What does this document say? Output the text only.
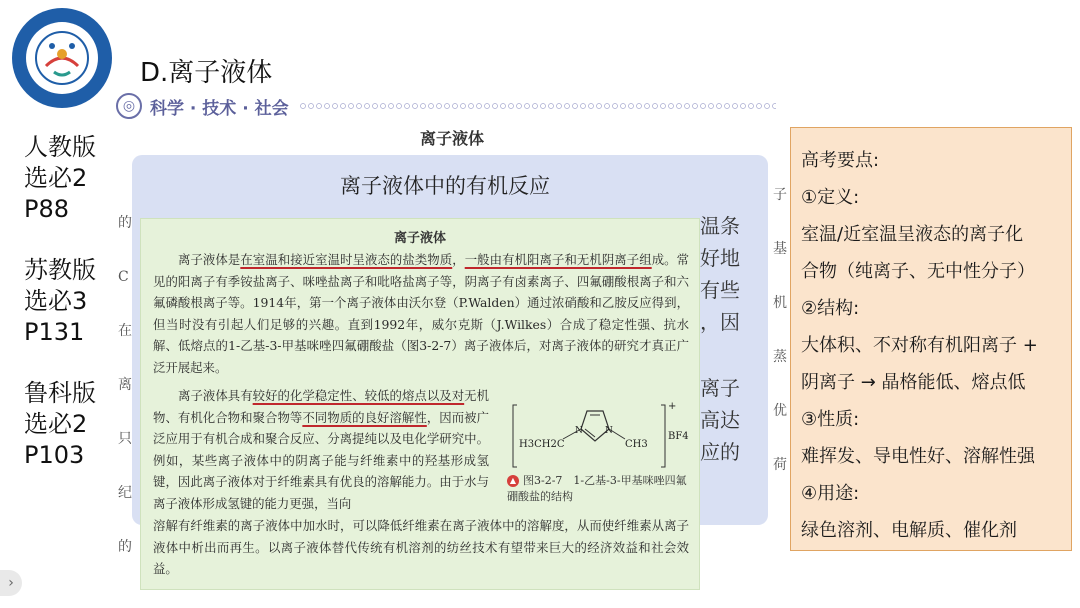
D.离子液体
◎ 科学 · 技术 · 社会
人教版
选必2
P88
苏教版
选必3
P131
鲁科版
选必2
P103
离子液体
的
C
在
离
只
纪
的
离子液体中的有机反应
温条
好地
有些
，因
离子
高达
应的
子
基
机
蒸
优
荷
离子液体
离子液体是在室温和接近室温时呈液态的盐类物质，一般由有机阳离子和无机阴离子组成。常见的阳离子有季铵盐离子、咪唑盐离子和吡咯盐离子等，阴离子有卤素离子、四氟硼酸根离子和六氟磷酸根离子等。1914年，第一个离子液体由沃尔登（P.Walden）通过浓硝酸和乙胺反应得到，但当时没有引起人们足够的兴趣。直到1992年，威尔克斯（J.Wilkes）合成了稳定性强、抗水解、低熔点的1-乙基-3-甲基咪唑四氟硼酸盐（图3-2-7）离子液体后，对离子液体的研究才真正广泛开展起来。
离子液体具有较好的化学稳定性、较低的熔点以及对无机物、有机化合物和聚合物等不同物质的良好溶解性，因而被广泛应用于有机合成和聚合反应、分离提纯以及电化学研究中。例如，某些离子液体中的阴离子能与纤维素中的羟基形成氢键，因此离子液体对于纤维素具有优良的溶解能力。由于水与离子液体形成氢键的能力更强，当向
H3CH2C
N N
CH3
+
BF4
▲ 图3-2-7　1-乙基-3-甲基咪唑四氟硼酸盐的结构
溶解有纤维素的离子液体中加水时，可以降低纤维素在离子液体中的溶解度，从而使纤维素从离子液体中析出而再生。以离子液体替代传统有机溶剂的纺丝技术有望带来巨大的经济效益和社会效益。
高考要点:
①定义:
室温/近室温呈液态的离子化
合物（纯离子、无中性分子）
②结构:
大体积、不对称有机阳离子 +
阴离子 → 晶格能低、熔点低
③性质:
难挥发、导电性好、溶解性强
④用途:
绿色溶剂、电解质、催化剂
›
